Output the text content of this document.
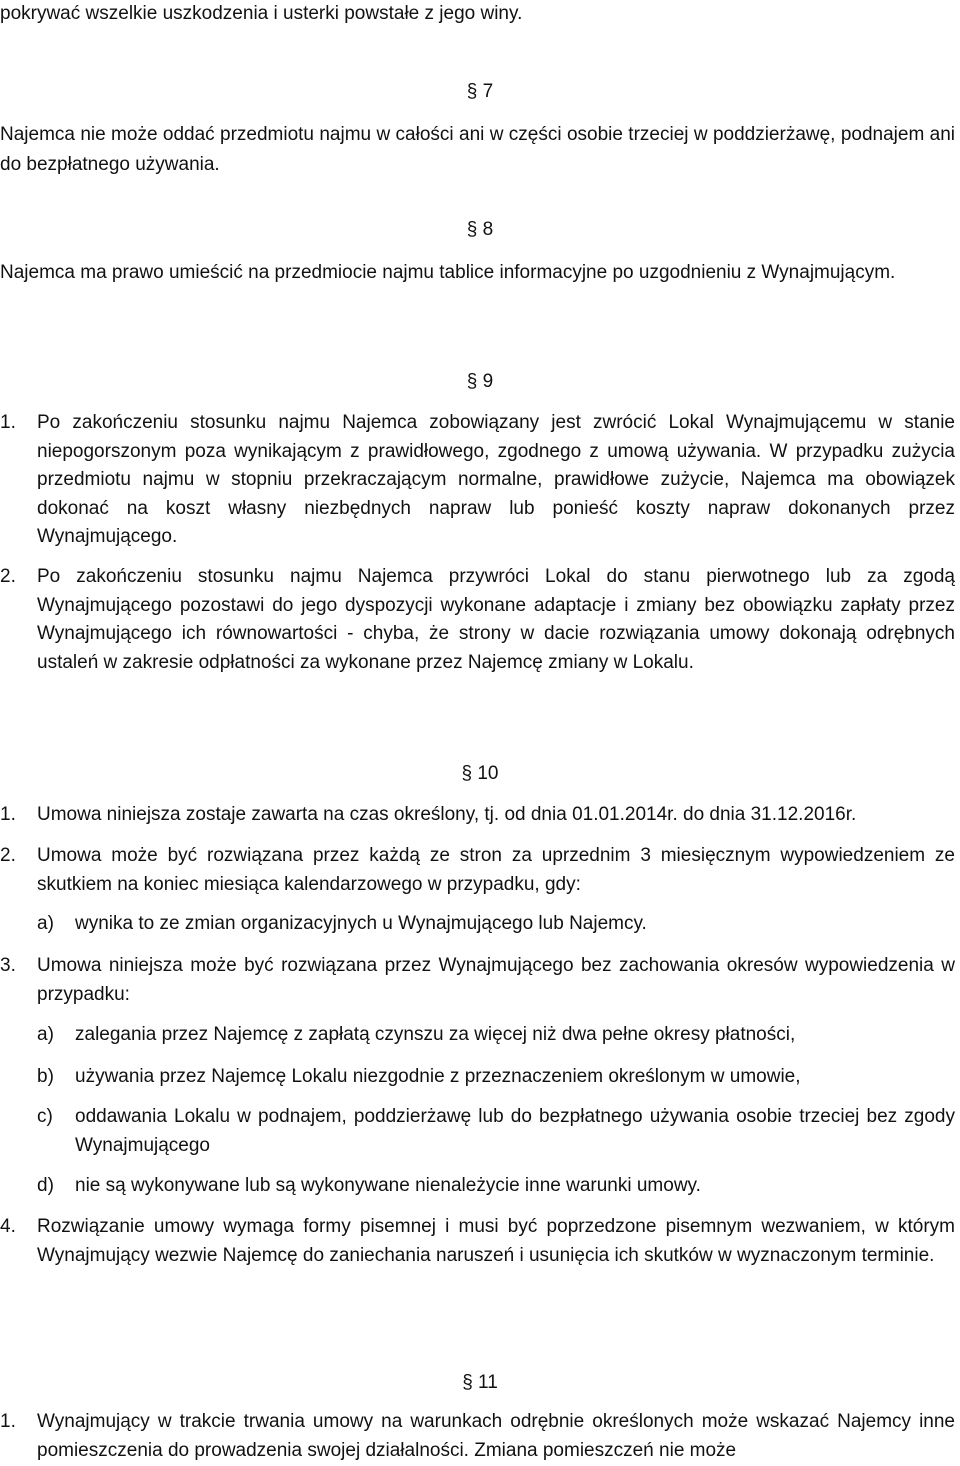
pokrywać wszelkie uszkodzenia i usterki powstałe z jego winy.
§ 7
Najemca nie może oddać przedmiotu najmu w całości ani w części osobie trzeciej w poddzierżawę, podnajem ani do bezpłatnego używania.
§ 8
Najemca ma prawo umieścić na przedmiocie najmu tablice informacyjne po uzgodnieniu z Wynajmującym.
§ 9
1.	Po zakończeniu stosunku najmu Najemca zobowiązany jest zwrócić Lokal Wynajmującemu w stanie niepogorszonym poza wynikającym z prawidłowego, zgodnego z umową używania. W przypadku zużycia przedmiotu najmu w stopniu przekraczającym normalne, prawidłowe zużycie, Najemca ma obowiązek dokonać na koszt własny niezbędnych napraw lub ponieść koszty napraw dokonanych przez Wynajmującego.
2.	Po zakończeniu stosunku najmu Najemca przywróci Lokal do stanu pierwotnego lub za zgodą Wynajmującego pozostawi do jego dyspozycji wykonane adaptacje i zmiany bez obowiązku zapłaty przez Wynajmującego ich równowartości - chyba, że strony w dacie rozwiązania umowy dokonają odrębnych ustaleń w zakresie odpłatności za wykonane przez Najemcę zmiany w Lokalu.
§ 10
1.	Umowa niniejsza zostaje zawarta na czas określony, tj. od dnia 01.01.2014r. do dnia 31.12.2016r.
2.	Umowa może być rozwiązana przez każdą ze stron za uprzednim 3 miesięcznym wypowiedzeniem ze skutkiem na koniec miesiąca kalendarzowego w przypadku, gdy:
a) wynika to ze zmian organizacyjnych u Wynajmującego lub Najemcy.
3.	Umowa niniejsza może być rozwiązana przez Wynajmującego bez zachowania okresów wypowiedzenia w przypadku:
a) zalegania przez Najemcę z zapłatą czynszu za więcej niż dwa pełne okresy płatności,
b) używania przez Najemcę Lokalu niezgodnie z przeznaczeniem określonym w umowie,
c) oddawania Lokalu w podnajem, poddzierżawę lub do bezpłatnego używania osobie trzeciej bez zgody Wynajmującego
d) nie są wykonywane lub są wykonywane nienależycie inne warunki umowy.
4.	Rozwiązanie umowy wymaga formy pisemnej i musi być poprzedzone pisemnym wezwaniem, w którym Wynajmujący wezwie Najemcę do zaniechania naruszeń i usunięcia ich skutków w wyznaczonym terminie.
§ 11
1.	Wynajmujący w trakcie trwania umowy na warunkach odrębnie określonych może wskazać Najemcy inne pomieszczenia do prowadzenia swojej działalności. Zmiana pomieszczeń nie może
